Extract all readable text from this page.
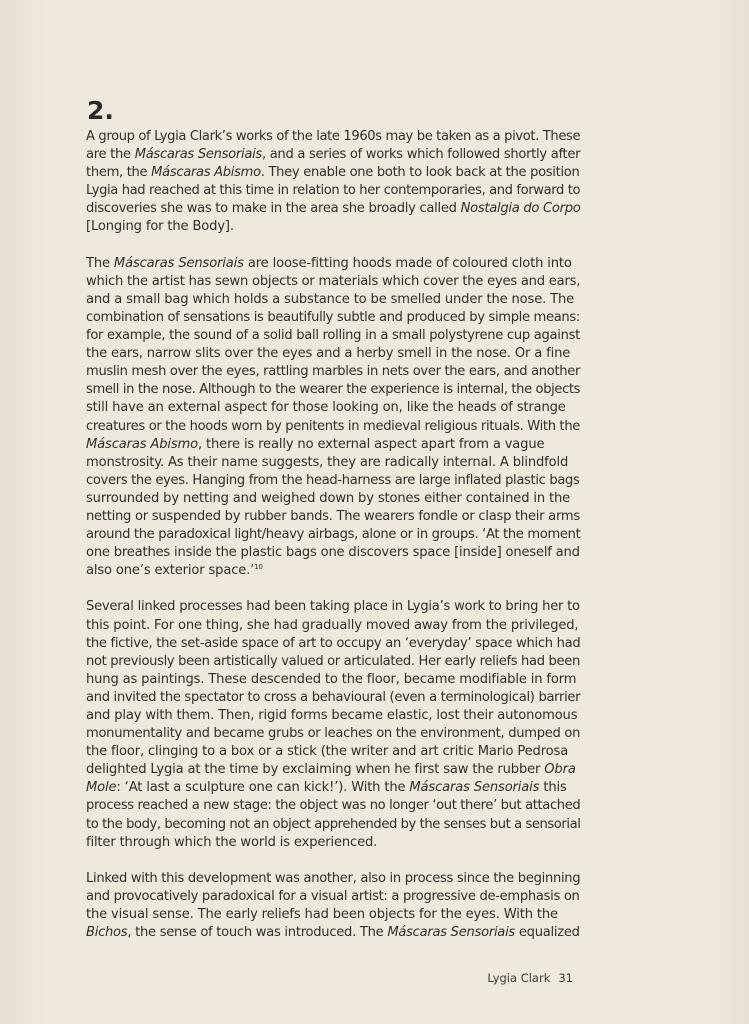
2.

A group of Lygia Clark’s works of the late 1960s may be taken as a pivot. These
are the Máscaras Sensoriais, and a series of works which followed shortly after
them, the Máscaras Abismo. They enable one both to look back at the position
Lygia had reached at this time in relation to her contemporaries, and forward to
discoveries she was to make in the area she broadly called Nostalgia do Corpo
[Longing for the Body].

The Máscaras Sensoriais are loose-fitting hoods made of coloured cloth into
which the artist has sewn objects or materials which cover the eyes and ears,
and a small bag which holds a substance to be smelled under the nose. The
combination of sensations is beautifully subtle and produced by simple means:
for example, the sound of a solid ball rolling in a small polystyrene cup against
the ears, narrow slits over the eyes and a herby smell in the nose. Or a fine
muslin mesh over the eyes, rattling marbles in nets over the ears, and another
smell in the nose. Although to the wearer the experience is internal, the objects
still have an external aspect for those looking on, like the heads of strange
creatures or the hoods worn by penitents in medieval religious rituals. With the
Máscaras Abismo, there is really no external aspect apart from a vague
monstrosity. As their name suggests, they are radically internal. A blindfold
covers the eyes. Hanging from the head-harness are large inflated plastic bags
surrounded by netting and weighed down by stones either contained in the
netting or suspended by rubber bands. The wearers fondle or clasp their arms
around the paradoxical light/heavy airbags, alone or in groups. ‘At the moment
one breathes inside the plastic bags one discovers space [inside] oneself and
also one’s exterior space.’$^{10}$

Several linked processes had been taking place in Lygia’s work to bring her to
this point. For one thing, she had gradually moved away from the privileged,
the fictive, the set-aside space of art to occupy an ‘everyday’ space which had
not previously been artistically valued or articulated. Her early reliefs had been
hung as paintings. These descended to the floor, became modifiable in form
and invited the spectator to cross a behavioural (even a terminological) barrier
and play with them. Then, rigid forms became elastic, lost their autonomous
monumentality and became grubs or leaches on the environment, dumped on
the floor, clinging to a box or a stick (the writer and art critic Mario Pedrosa
delighted Lygia at the time by exclaiming when he first saw the rubber Obra
Mole: ‘At last a sculpture one can kick!’). With the Máscaras Sensoriais this
process reached a new stage: the object was no longer ‘out there’ but attached
to the body, becoming not an object apprehended by the senses but a sensorial
filter through which the world is experienced.

Linked with this development was another, also in process since the beginning
and provocatively paradoxical for a visual artist: a progressive de-emphasis on
the visual sense. The early reliefs had been objects for the eyes. With the
Bichos, the sense of touch was introduced. The Máscaras Sensoriais equalized

Lygia Clark 31
